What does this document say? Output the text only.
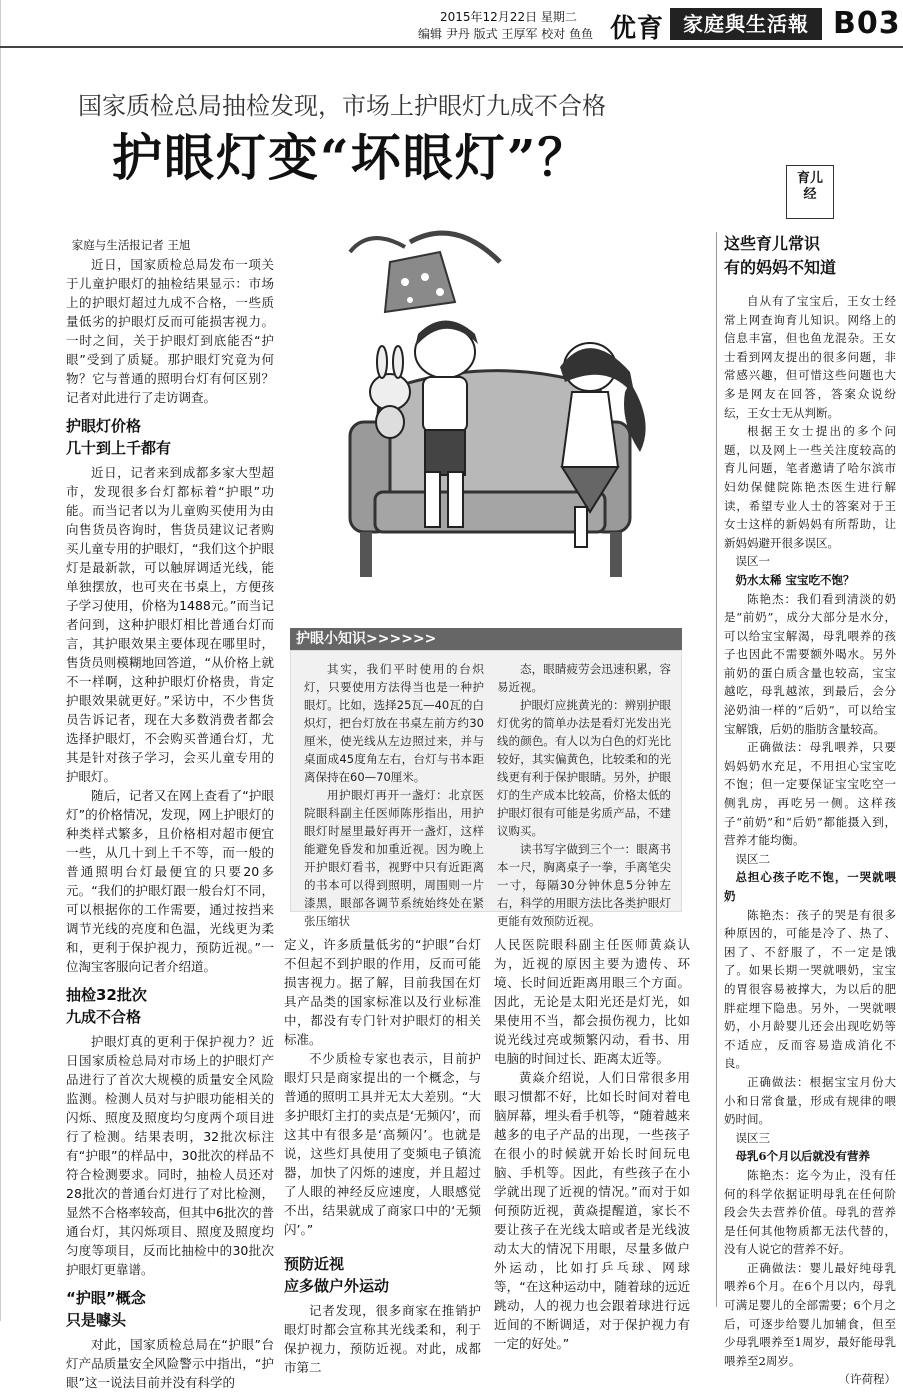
2015年12月22日 星期二
编辑 尹丹 版式 王厚军 校对 鱼鱼 优育 家庭與生活報 B03
国家质检总局抽检发现，市场上护眼灯九成不合格
护眼灯变“坏眼灯”？

家庭与生活报记者 王旭

近日，国家质检总局发布一项关于儿童护眼灯的抽检结果显示：市场上的护眼灯超过九成不合格，一些质量低劣的护眼灯反而可能损害视力。一时之间，关于护眼灯到底能否“护眼”受到了质疑。那护眼灯究竟为何物？它与普通的照明台灯有何区别？记者对此进行了走访调查。

护眼灯价格
几十到上千都有

近日，记者来到成都多家大型超市，发现很多台灯都标着“护眼”功能。而当记者以为儿童购买使用为由向售货员咨询时，售货员建议记者购买儿童专用的护眼灯，“我们这个护眼灯是最新款，可以触屏调适光线，能单独摆放，也可夹在书桌上，方便孩子学习使用，价格为1488元。”而当记者问到，这种护眼灯相比普通台灯而言，其护眼效果主要体现在哪里时，售货员则模糊地回答道，“从价格上就不一样啊，这种护眼灯价格贵，肯定护眼效果就更好。”采访中，不少售货员告诉记者，现在大多数消费者都会选择护眼灯，不会购买普通台灯，尤其是针对孩子学习，会买儿童专用的护眼灯。

随后，记者又在网上查看了“护眼灯”的价格情况，发现，网上护眼灯的种类样式繁多，且价格相对超市便宜一些，从几十到上千不等，而一般的普通照明台灯最便宜的只要20多元。“我们的护眼灯跟一般台灯不同，可以根据你的工作需要，通过按挡来调节光线的亮度和色温，光线更为柔和，更利于保护视力，预防近视。”一位淘宝客服向记者介绍道。

抽检32批次
九成不合格

护眼灯真的更利于保护视力？近日国家质检总局对市场上的护眼灯产品进行了首次大规模的质量安全风险监测。检测人员对与护眼功能相关的闪烁、照度及照度均匀度两个项目进行了检测。结果表明，32批次标注有“护眼”的样品中，30批次的样品不符合检测要求。同时，抽检人员还对28批次的普通台灯进行了对比检测，显然不合格率较高，但其中6批次的普通台灯，其闪烁项目、照度及照度均匀度等项目，反而比抽检中的30批次护眼灯更靠谱。

“护眼”概念
只是噱头

对此，国家质检总局在“护眼”台灯产品质量安全风险警示中指出，“护眼”这一说法目前并没有科学的

护眼小知识>>>>>>

其实，我们平时使用的台炽灯，只要使用方法得当也是一种护眼灯。比如，选择25瓦—40瓦的白炽灯，把台灯放在书桌左前方约30厘米，使光线从左边照过来，并与桌面成45度角左右，台灯与书本距离保持在60—70厘米。

用护眼灯再开一盏灯：北京医院眼科副主任医师陈彤指出，用护眼灯时屋里最好再开一盏灯，这样能避免昏发和加重近视。因为晚上开护眼灯看书，视野中只有近距离的书本可以得到照明，周围则一片漆黑，眼部各调节系统始终处在紧张压缩状

态，眼睛疲劳会迅速积累，容易近视。

护眼灯应挑黄光的：辨别护眼灯优劣的简单办法是看灯光发出光线的颜色。有人以为白色的灯光比较好，其实偏黄色，比较柔和的光线更有利于保护眼睛。另外，护眼灯的生产成本比较高，价格太低的护眼灯很有可能是劣质产品，不建议购买。

读书写字做到三个一：眼离书本一尺，胸离桌子一拳，手离笔尖一寸，每隔30分钟休息5分钟左右，科学的用眼方法比各类护眼灯更能有效预防近视。

定义，许多质量低劣的“护眼”台灯不但起不到护眼的作用，反而可能损害视力。据了解，目前我国在灯具产品类的国家标准以及行业标准中，都没有专门针对护眼灯的相关标准。

不少质检专家也表示，目前护眼灯只是商家提出的一个概念，与普通的照明工具并无太大差别。“大多护眼灯主打的卖点是‘无频闪’，而这其中有很多是‘高频闪’。也就是说，这些灯具使用了变频电子镇流器，加快了闪烁的速度，并且超过了人眼的神经反应速度，人眼感觉不出，结果就成了商家口中的‘无频闪’。”

预防近视
应多做户外运动

记者发现，很多商家在推销护眼灯时都会宣称其光线柔和，利于保护视力，预防近视。对此，成都市第二

人民医院眼科副主任医师黄焱认为，近视的原因主要为遗传、环境、长时间近距离用眼三个方面。因此，无论是太阳光还是灯光，如果使用不当，都会损伤视力，比如说光线过亮或频繁闪动，看书、用电脑的时间过长、距离太近等。

黄焱介绍说，人们日常很多用眼习惯都不好，比如长时间对着电脑屏幕，埋头看手机等，“随着越来越多的电子产品的出现，一些孩子在很小的时候就开始长时间玩电脑、手机等。因此，有些孩子在小学就出现了近视的情况。”而对于如何预防近视，黄焱提醒道，家长不要让孩子在光线太暗或者是光线波动太大的情况下用眼，尽量多做户外运动，比如打乒乓球、网球等，“在这种运动中，随着球的远近跳动，人的视力也会跟着球进行远近间的不断调适，对于保护视力有一定的好处。”

育儿
经
这些育儿常识
有的妈妈不知道

自从有了宝宝后，王女士经常上网查询育儿知识。网络上的信息丰富，但也鱼龙混杂。王女士看到网友提出的很多问题，非常感兴趣，但可惜这些问题也大多是网友在回答，答案众说纷纭，王女士无从判断。

根据王女士提出的多个问题，以及网上一些关注度较高的育儿问题，笔者邀请了哈尔滨市妇幼保健院陈艳杰医生进行解读，希望专业人士的答案对于王女士这样的新妈妈有所帮助，让新妈妈避开很多误区。

误区一

奶水太稀 宝宝吃不饱？

陈艳杰：我们看到清淡的奶是“前奶”，成分大部分是水分，可以给宝宝解渴，母乳喂养的孩子也因此不需要额外喝水。另外前奶的蛋白质含量也较高，宝宝越吃，母乳越浓，到最后，会分泌奶油一样的“后奶”，可以给宝宝解饿，后奶的脂肪含量较高。

正确做法：母乳喂养，只要妈妈奶水充足，不用担心宝宝吃不饱；但一定要保证宝宝吃空一侧乳房，再吃另一侧。这样孩子“前奶”和“后奶”都能摄入到，营养才能均衡。

误区二

总担心孩子吃不饱，一哭就喂奶

陈艳杰：孩子的哭是有很多种原因的，可能是冷了、热了、困了、不舒服了，不一定是饿了。如果长期一哭就喂奶，宝宝的胃很容易被撑大，为以后的肥胖症埋下隐患。另外，一哭就喂奶，小月龄婴儿还会出现吃奶等不适应，反而容易造成消化不良。

正确做法：根据宝宝月份大小和日常食量，形成有规律的喂奶时间。

误区三

母乳6个月以后就没有营养

陈艳杰：迄今为止，没有任何的科学依据证明母乳在任何阶段会失去营养价值。母乳的营养是任何其他物质都无法代替的，没有人说它的营养不好。

正确做法：婴儿最好纯母乳喂养6个月。在6个月以内，母乳可满足婴儿的全部需要；6个月之后，可逐步给婴儿加辅食，但至少母乳喂养至1周岁，最好能母乳喂养至2周岁。

（许荷程）
